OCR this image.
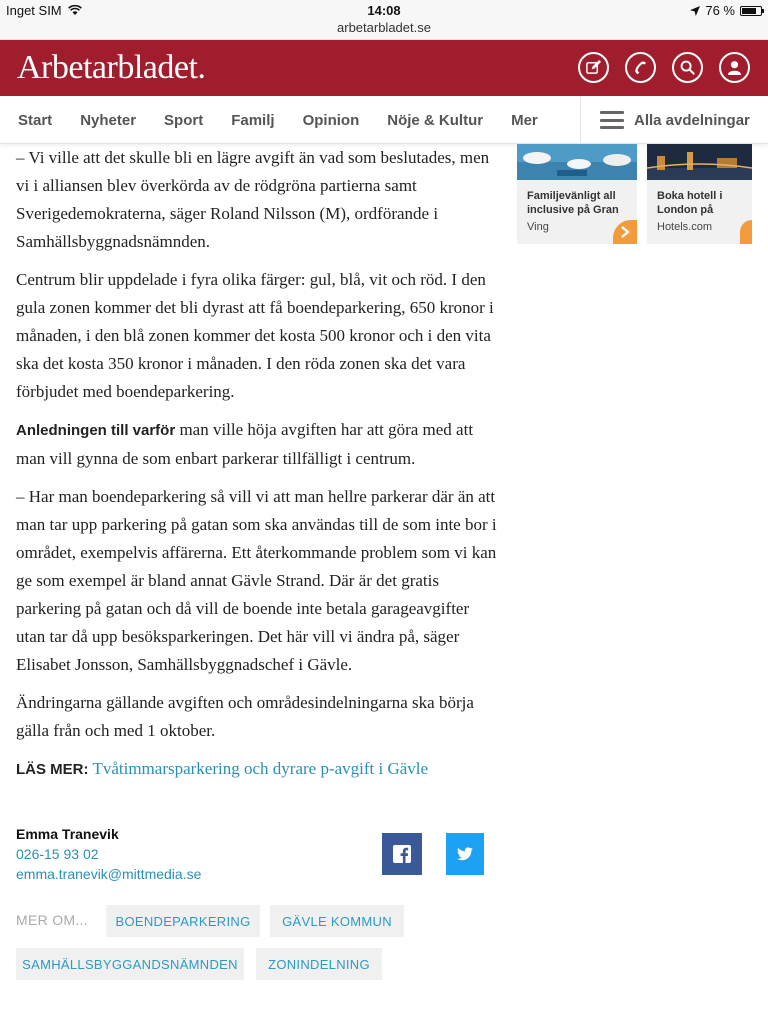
Inget SIM	14:08
arbetarbladet.se
76 %
Arbetarbladet.
Start Nyheter Sport Familj Opinion Nöje & Kultur Mer	Alla avdelningar
Familjevänligt all inclusive på Gran
Ving
Boka hotell i London på
Hotels.com

– Vi ville att det skulle bli en lägre avgift än vad som beslutades, men vi i alliansen blev överkörda av de rödgröna partierna samt Sverigedemokraterna, säger Roland Nilsson (M), ordförande i Samhällsbyggnadsnämnden.

Centrum blir uppdelade i fyra olika färger: gul, blå, vit och röd. I den gula zonen kommer det bli dyrast att få boendeparkering, 650 kronor i månaden, i den blå zonen kommer det kosta 500 kronor och i den vita ska det kosta 350 kronor i månaden. I den röda zonen ska det vara förbjudet med boendeparkering.

Anledningen till varför man ville höja avgiften har att göra med att man vill gynna de som enbart parkerar tillfälligt i centrum.

– Har man boendeparkering så vill vi att man hellre parkerar där än att man tar upp parkering på gatan som ska användas till de som inte bor i området, exempelvis affärerna. Ett återkommande problem som vi kan ge som exempel är bland annat Gävle Strand. Där är det gratis parkering på gatan och då vill de boende inte betala garageavgifter utan tar då upp besöksparkeringen. Det här vill vi ändra på, säger Elisabet Jonsson, Samhällsbyggnadschef i Gävle.

Ändringarna gällande avgiften och områdesindelningarna ska börja gälla från och med 1 oktober.

LÄS MER: Tvåtimmarsparkering och dyrare p-avgift i Gävle
Emma Tranevik
026-15 93 02
emma.tranevik@mittmedia.se
MER OM...	BOENDEPARKERING	GÄVLE KOMMUN
SAMHÄLLSBYGGANDSNÄMNDEN	ZONINDELNING
